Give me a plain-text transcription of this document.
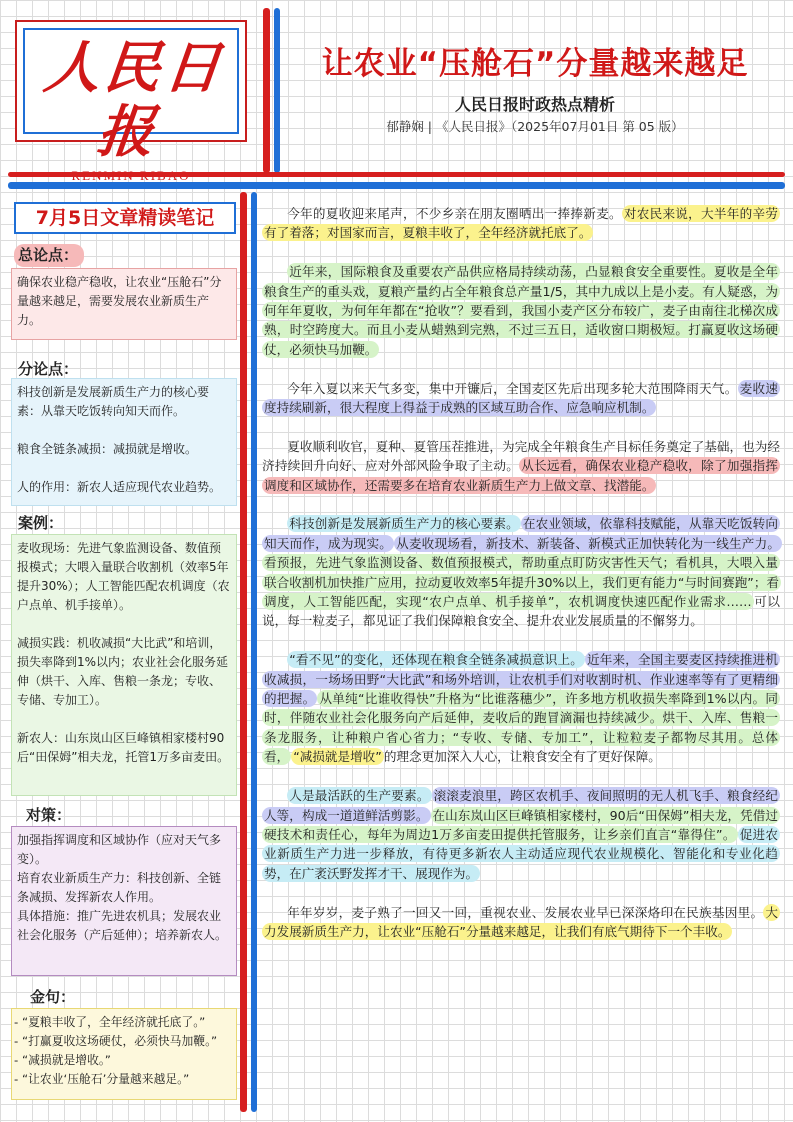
人民日报
让农业“压舱石”分量越来越足
人民日报时政热点精析
郁静娴 | 《人民日报》（2025年07月01日 第 05 版）
7月5日文章精读笔记
总论点：

确保农业稳产稳收，让农业“压舱石”分量越来越足，需要发展农业新质生产力。

分论点：

科技创新是发展新质生产力的核心要素：从靠天吃饭转向知天而作。

粮食全链条减损：减损就是增收。

人的作用：新农人适应现代农业趋势。

案例：

麦收现场：先进气象监测设备、数值预报模式；大喂入量联合收割机（效率5年提升30%）；人工智能匹配农机调度（农户点单、机手接单）。

减损实践：机收减损“大比武”和培训，损失率降到1%以内；农业社会化服务延伸（烘干、入库、售粮一条龙；专收、专储、专加工）。

新农人：山东岚山区巨峰镇相家楼村90后“田保姆”相夫龙，托管1万多亩麦田。

对策：

加强指挥调度和区域协作（应对天气多变）。

培育农业新质生产力：科技创新、全链条减损、发挥新农人作用。

具体措施：推广先进农机具；发展农业社会化服务（产后延伸）；培养新农人。

金句：

- “夏粮丰收了，全年经济就托底了。”

- “打赢夏收这场硬仗，必须快马加鞭。”

- “减损就是增收。”

- “让农业‘压舱石’分量越来越足。”

今年的夏收迎来尾声，不少乡亲在朋友圈晒出一捧捧新麦。 对农民来说，大半年的辛劳有了着落；对国家而言，夏粮丰收了，全年经济就托底了。

近年来，国际粮食及重要农产品供应格局持续动荡，凸显粮食安全重要性。夏收是全年粮食生产的重头戏，夏粮产量约占全年粮食总产量1/5，其中九成以上是小麦。有人疑惑，为何年年夏收，为何年年都在“抢收”？要看到，我国小麦产区分布较广，麦子由南往北梯次成熟，时空跨度大。而且小麦从蜡熟到完熟，不过三五日，适收窗口期极短。打赢夏收这场硬仗，必须快马加鞭。

今年入夏以来天气多变，集中开镰后，全国麦区先后出现多轮大范围降雨天气。 麦收速度持续刷新，很大程度上得益于成熟的区域互助合作、应急响应机制。

夏收顺利收官，夏种、夏管压茬推进，为完成全年粮食生产目标任务奠定了基础，也为经济持续回升向好、应对外部风险争取了主动。 从长远看，确保农业稳产稳收，除了加强指挥调度和区域协作，还需要多在培育农业新质生产力上做文章、找潜能。

科技创新是发展新质生产力的核心要素。 在农业领域，依靠科技赋能，从靠天吃饭转向知天而作，成为现实。 从麦收现场看，新技术、新装备、新模式正加快转化为一线生产力。看预报，先进气象监测设备、数值预报模式，帮助重点盯防灾害性天气；看机具，大喂入量联合收割机加快推广应用，拉动夏收效率5年提升30%以上，我们更有能力“与时间赛跑”；看调度，人工智能匹配，实现“农户点单、机手接单”，农机调度快速匹配作业需求…… 可以说，每一粒麦子，都见证了我们保障粮食安全、提升农业发展质量的不懈努力。

“看不见”的变化，还体现在粮食全链条减损意识上。 近年来，全国主要麦区持续推进机收减损，一场场田野“大比武”和场外培训，让农机手们对收割时机、作业速率等有了更精细的把握。 从单纯“比谁收得快”升格为“比谁落穗少”，许多地方机收损失率降到1%以内。同时，伴随农业社会化服务向产后延伸，麦收后的跑冒滴漏也持续减少。烘干、入库、售粮一条龙服务，让种粮户省心省力；“专收、专储、专加工”，让粒粒麦子都物尽其用。总体看， “减损就是增收” 的理念更加深入人心，让粮食安全有了更好保障。

人是最活跃的生产要素。 滚滚麦浪里，跨区农机手、夜间照明的无人机飞手、粮食经纪人等，构成一道道鲜活剪影。 在山东岚山区巨峰镇相家楼村，90后“田保姆”相夫龙，凭借过硬技术和责任心，每年为周边1万多亩麦田提供托管服务，让乡亲们直言“靠得住”。 促进农业新质生产力进一步释放，有待更多新农人主动适应现代农业规模化、智能化和专业化趋势，在广袤沃野发挥才干、展现作为。

年年岁岁，麦子熟了一回又一回，重视农业、发展农业早已深深烙印在民族基因里。 大力发展新质生产力，让农业“压舱石”分量越来越足，让我们有底气期待下一个丰收。
